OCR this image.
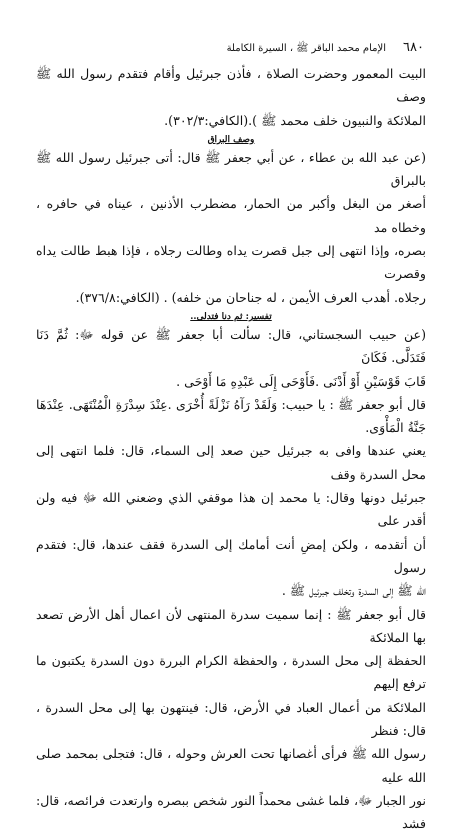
٦٨٠
الإمام محمد الباقر ﷺ ، السيرة الكاملة

البيت المعمور وحضرت الصلاة ، فأذن جبرئيل وأقام فتقدم رسول الله ﷺ وصف

الملائكة والنبيون خلف محمد ﷺ ).(الكافي:٣٠٢/٣).

وصف البراق

(عن عبد الله بن عطاء ، عن أبي جعفر ﷺ قال: أتى جبرئيل رسول الله ﷺ بالبراق

أصغر من البغل وأكبر من الحمار، مضطرب الأذنين ، عيناه في حافره ، وخطاه مد

بصره، وإذا انتهى إلى جبل قصرت يداه وطالت رجلاه ، فإذا هبط طالت يداه وقصرت

رجلاه. أهدب العرف الأيمن ، له جناحان من خلفه) . (الكافي:٣٧٦/٨).

تفسير: ثم دنا فتدلى..

(عن حبيب السجستاني، قال: سألت أبا جعفر ﷺ عن قوله ﷻ: ثُمَّ دَنَا فَتَدَلَّى. فَكَانَ

قَابَ قَوْسَيْنِ أَوْ أَدْنَى .فَأَوْحَى إِلَى عَبْدِهِ مَا أَوْحَى .

قال أبو جعفر ﷺ : يا حبيب: وَلَقَدْ رَآهُ نَزْلَةً أُخْرَى .عِنْدَ سِدْرَةِ الْمُنْتَهَى. عِنْدَهَا جَنَّةُ الْمَأْوَى.

يعني عندها وافى به جبرئيل حين صعد إلى السماء، قال: فلما انتهى إلى محل السدرة وقف

جبرئيل دونها وقال: يا محمد إن هذا موقفي الذي وضعني الله ﷻ فيه ولن أقدر على

أن أتقدمه ، ولكن إمضِ أنت أمامك إلى السدرة فقف عندها، قال: فتقدم رسول

الله ﷺ إلى السدرة وتخلف جبرئيل ﷺ .

قال أبو جعفر ﷺ : إنما سميت سدرة المنتهى لأن اعمال أهل الأرض تصعد بها الملائكة

الحفظة إلى محل السدرة ، والحفظة الكرام البررة دون السدرة يكتبون ما ترفع إليهم

الملائكة من أعمال العباد في الأرض، قال: فينتهون بها إلى محل السدرة ، قال: فنظر

رسول الله ﷺ فرأى أغصانها تحت العرش وحوله ، قال: فتجلى بمحمد صلى الله عليه

نور الجبار ﷻ، فلما غشى محمداً النور شخص ببصره وارتعدت فرائصه، قال: فشد
